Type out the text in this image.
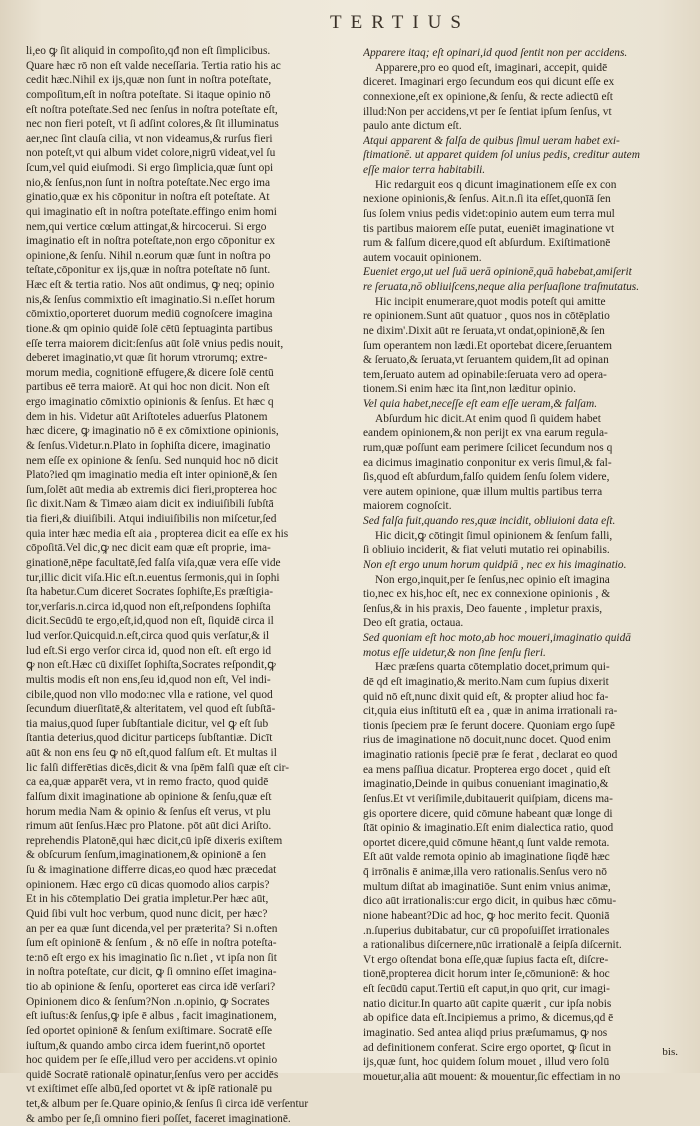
TERTIUS
li,eo ꝙ ſit aliquid in compoſito,qđ non eſt ſimplicibus.
Quare hæc rō non eſt valde neceſſaria. Tertia ratio his ac
cedit hæc.Nihil ex ijs,quæ non ſunt in noſtra poteſtate,
compoſitum,eſt in noſtra poteſtate. Si itaque opinio nō
eſt noſtra poteſtate.Sed nec ſenſus in noſtra poteſtate eſt,
nec non fieri poteſt, vt ſi adſint colores,& ſit illuminatus
aer,nec ſint clauſa cilia, vt non videamus,& rurſus fieri
non poteſt,vt qui album videt colore,nigrū videat,vel ſu
ſcum,vel quid eiuſmodi. Si ergo ſimplicia,quæ ſunt opi
nio,& ſenſus,non ſunt in noſtra poteſtate.Nec ergo ima
ginatio,quæ ex his cōponitur in noſtra eſt poteſtate. At
qui imaginatio eſt in noſtra poteſtate.effingo enim homi
nem,qui vertice cœlum attingat,& hircocerui. Si ergo
imaginatio eſt in noſtra poteſtate,non ergo cōponitur ex
opinione,& ſenſu. Nihil n.eorum quæ ſunt in noſtra po
teſtate,cōponitur ex ijs,quæ in noſtra poteſtate nō ſunt.
Hæc eſt & tertia ratio. Nos aūt ondimus, ꝙ neq; opinio
nis,& ſenſus commixtio eſt imaginatio.Si n.eſſet horum
cōmixtio,oporteret duorum mediū cognoſcere imagina
tione.& qm opinio quidē ſolē cētū ſeptuaginta partibus
eſſe terra maiorem dicit:ſenſus aūt ſolē vnius pedis nouit,
deberet imaginatio,vt quæ ſit horum vtrorumq; extre-
morum media, cognitionē effugere,& dicere ſolē centū
partibus eē terra maiorē. At qui hoc non dicit. Non eſt
ergo imaginatio cōmixtio opinionis & ſenſus. Et hæc q
dem in his. Videtur aūt Ariſtoteles aduerſus Platonem
hæc dicere, ꝙ imaginatio nō ē ex cōmixtione opinionis,
& ſenſus.Videtur.n.Plato in ſophiſta dicere, imaginatio
nem eſſe ex opinione & ſenſu. Sed nunquid hoc nō dicit
Plato?ied qm imaginatio media eſt inter opinionē,& ſen
ſum,ſolēt aūt media ab extremis dici fieri,propterea hoc
ſic dixit.Nam & Timæo aiam dicit ex indiuiſibili ſubſtā
tia fieri,& diuiſibili. Atqui indiuiſibilis non miſcetur,ſed
quia inter hæc media eſt aia , propterea dicit ea eſſe ex his
cōpoſitā.Vel dic,ꝙ nec dicit eam quæ eſt proprie, ima-
ginationē,nēpe facultatē,ſed falſa viſa,quæ vera eſſe vide
tur,illic dicit viſa.Hic eſt.n.euentus ſermonis,qui in ſophi
ſta habetur.Cum diceret Socrates ſophiſte,Es præſtigia-
tor,verſaris.n.circa id,quod non eſt,reſpondens ſophiſta
dicit.Secūdū te ergo,eſt,id,quod non eſt, ſiquidē circa il
lud verſor.Quicquid.n.eſt,circa quod quis verſatur,& il
lud eſt.Si ergo verſor circa id, quod non eſt. eſt ergo id
ꝙ non eſt.Hæc cū dixiſſet ſophiſta,Socrates reſpondit,ꝙ
multis modis eſt non ens,ſeu id,quod non eſt, Vel indi-
cibile,quod non vllo modo:nec vlla e ratione, vel quod
ſecundum diuerſitatē,& alteritatem, vel quod eſt ſubſtā-
tia maius,quod ſuper ſubſtantiale dicitur, vel ꝙ eſt ſub
ſtantia deterius,quod dicitur particeps ſubſtantiæ. Dicīt
aūt & non ens ſeu ꝙ nō eſt,quod falſum eſt. Et multas il
lic falſi differētias dicēs,dicit & vna ſpēm falſi quæ eſt cir-
ca ea,quæ apparēt vera, vt in remo fracto, quod quidē
falſum dixit imaginatione ab opinione & ſenſu,quæ eſt
horum media Nam & opinio & ſenſus eſt verus, vt plu
rimum aūt ſenſus.Hæc pro Platone. pōt aūt dici Ariſto.
reprehendis Platonē,qui hæc dicit,cū ipſē dixeris exiſtem
& obſcurum ſenſum,imaginationem,& opinionē a ſen
ſu & imaginatione differre dicas,eo quod hæc præcedat
opinionem. Hæc ergo cū dicas quomodo alios carpis?
Et in his cōtemplatio Dei gratia impletur.Per hæc aūt,
Quid ſibi vult hoc verbum, quod nunc dicit, per hæc?
an per ea quæ ſunt dicenda,vel per præterita? Si n.often
ſum eſt opinionē & ſenſum , & nō eſſe in noſtra poteſta-
te:nō eſt ergo ex his imaginatio ſic n.ſiet , vt ipſa non ſit
in noſtra poteſtate, cur dicit, ꝙ ſi omnino eſſet imagina-
tio ab opinione & ſenſu, oporteret eas circa idē verſari?
Opinionem dico & ſenſum?Non .n.opinio, ꝙ Socrates
eſt iuſtus:& ſenſus,ꝙ ipſe ē albus , facit imaginationem,
ſed oportet opinionē & ſenſum exiſtimare. Socratē eſſe
iuſtum,& quando ambo circa idem fuerint,nō oportet
hoc quidem per ſe eſſe,illud vero per accidens.vt opinio
quidē Socratē rationalē opinatur,ſenſus vero per accidēs
vt exiſtimet eſſe albū,ſed oportet vt & ipſē rationalē pu
tet,& album per ſe.Quare opinio,& ſenſus ſi circa idē verſentur
& ambo per ſe,ſi omnino fieri poſſet, faceret imaginationē.
Apparere itaq; eſt opinari,id quod ſentit non per accidens.
Apparere,pro eo quod eſt, imaginari, accepit, quidē
diceret. Imaginari ergo ſecundum eos qui dicunt eſſe ex
connexione,eſt ex opinione,& ſenſu, & recte adiectū eſt
illud:Non per accidens,vt per ſe ſentiat ipſum ſenſus, vt
paulo ante dictum eſt.
Atqui apparent & falſa de quibus ſimul ueram habet exi-
ſtimationē. ut apparet quidem ſol unius pedis, creditur autem
eſſe maior terra habitabili.
Hic redarguit eos q dicunt imaginationem eſſe ex con
nexione opinionis,& ſenſus. Ait.n.ſi ita eſſet,quonīā ſen
ſus ſolem vnius pedis videt:opinio autem eum terra mul
tis partibus maiorem eſſe putat, eueniēt imaginatione vt
rum & falſum dicere,quod eſt abſurdum. Exiſtimationē
autem vocauit opinionem.
Eueniet ergo,ut uel ſuā uerā opinionē,quā habebat,amiſerit
re ſeruata,nō obliuiſcens,neque alia perſuaſione traſmutatus.
Hic incipit enumerare,quot modis poteſt qui amitte
re opinionem.Sunt aūt quatuor , quos nos in cōtēplatio
ne dixim'.Dixit aūt re ſeruata,vt ondat,opinionē,& ſen
ſum operantem non lædi.Et oportebat dicere,ſeruantem
& ſeruato,& ſeruata,vt ſeruantem quidem,ſit ad opinan
tem,ſeruato autem ad opinabile:ſeruata vero ad opera-
tionem.Si enim hæc ita ſint,non læditur opinio.
Vel quia habet,neceſſe eſt eam eſſe ueram,& falſam.
Abſurdum hic dicit.At enim quod ſi quidem habet
eandem opinionem,& non perijt ex vna earum regula-
rum,quæ poſſunt eam perimere ſcilicet ſecundum nos q
ea dicimus imaginatio conponitur ex veris ſimul,& fal-
ſis,quod eſt abſurdum,falſo quidem ſenſu ſolem videre,
vere autem opinione, quæ illum multis partibus terra
maiorem cognoſcit.
Sed falſa fuit,quando res,quæ incidit, obliuioni data eſt.
Hic dicit,ꝙ cōtingit ſimul opinionem & ſenſum falli,
ſi obliuio inciderit, & fiat veluti mutatio rei opinabilis.
Non eſt ergo unum horum quidpiā , nec ex his imaginatio.
Non ergo,inquit,per ſe ſenſus,nec opinio eſt imagina
tio,nec ex his,hoc eſt, nec ex connexione opinionis , &
ſenſus,& in his praxis, Deo fauente , impletur praxis,
Deo eſt gratia, octaua.
Sed quoniam eſt hoc moto,ab hoc moueri,imaginatio quidā
motus eſſe uidetur,& non ſine ſenſu fieri.
Hæc præſens quarta cōtemplatio docet,primum qui-
dē qd eſt imaginatio,& merito.Nam cum ſupius dixerit
quid nō eſt,nunc dixit quid eſt, & propter aliud hoc fa-
cit,quia eius inſtitutū eſt ea , quæ in anima irrationali ra-
tionis ſpeciem præ ſe ferunt docere. Quoniam ergo ſupē
rius de imaginatione nō docuit,nunc docet. Quod enim
imaginatio rationis ſpeciē præ ſe ferat , declarat eo quod
ea mens paſſiua dicatur. Propterea ergo docet , quid eſt
imaginatio,Deinde in quibus conueniant imaginatio,&
ſenſus.Et vt veriſimile,dubitauerit quiſpiam, dicens ma-
gis oportere dicere, quid cōmune habeant quæ longe di
ſtāt opinio & imaginatio.Eſt enim dialectica ratio, quod
oportet dicere,quid cōmune hēant,q ſunt valde remota.
Eſt aūt valde remota opinio ab imaginatione ſiqdē hæc
q̄ irrōnalis ē animæ,illa vero rationalis.Senſus vero nō
multum diſtat ab imaginatiōe. Sunt enim vnius animæ,
dico aūt irrationalis:cur ergo dicit, in quibus hæc cōmu-
nione habeant?Dic ad hoc, ꝙ hoc merito fecit. Quoniā
.n.ſuperius dubitabatur, cur cū propoſuiſſet irrationales
a rationalibus diſcernere,nūc irrationalē a ſeipſa diſcernit.
Vt ergo oſtendat bona eſſe,quæ ſupius facta eſt, diſcre-
tionē,propterea dicit horum inter ſe,cōmunionē: & hoc
eſt ſecūdū caput.Tertiū eſt caput,in quo qrit, cur imagi-
natio dicitur.In quarto aūt capite quærit , cur ipſa nobis
ab opifice data eſt.Incipiemus a primo, & dicemus,qd ē
imaginatio. Sed antea aliqd prius præſumamus, ꝙ nos
ad definitionem conferat. Scire ergo oportet, ꝙ ſicut in
ijs,quæ ſunt, hoc quidem ſolum mouet , illud vero ſolū
mouetur,alia aūt mouent: & mouentur,ſic effectiam in no
bis.
